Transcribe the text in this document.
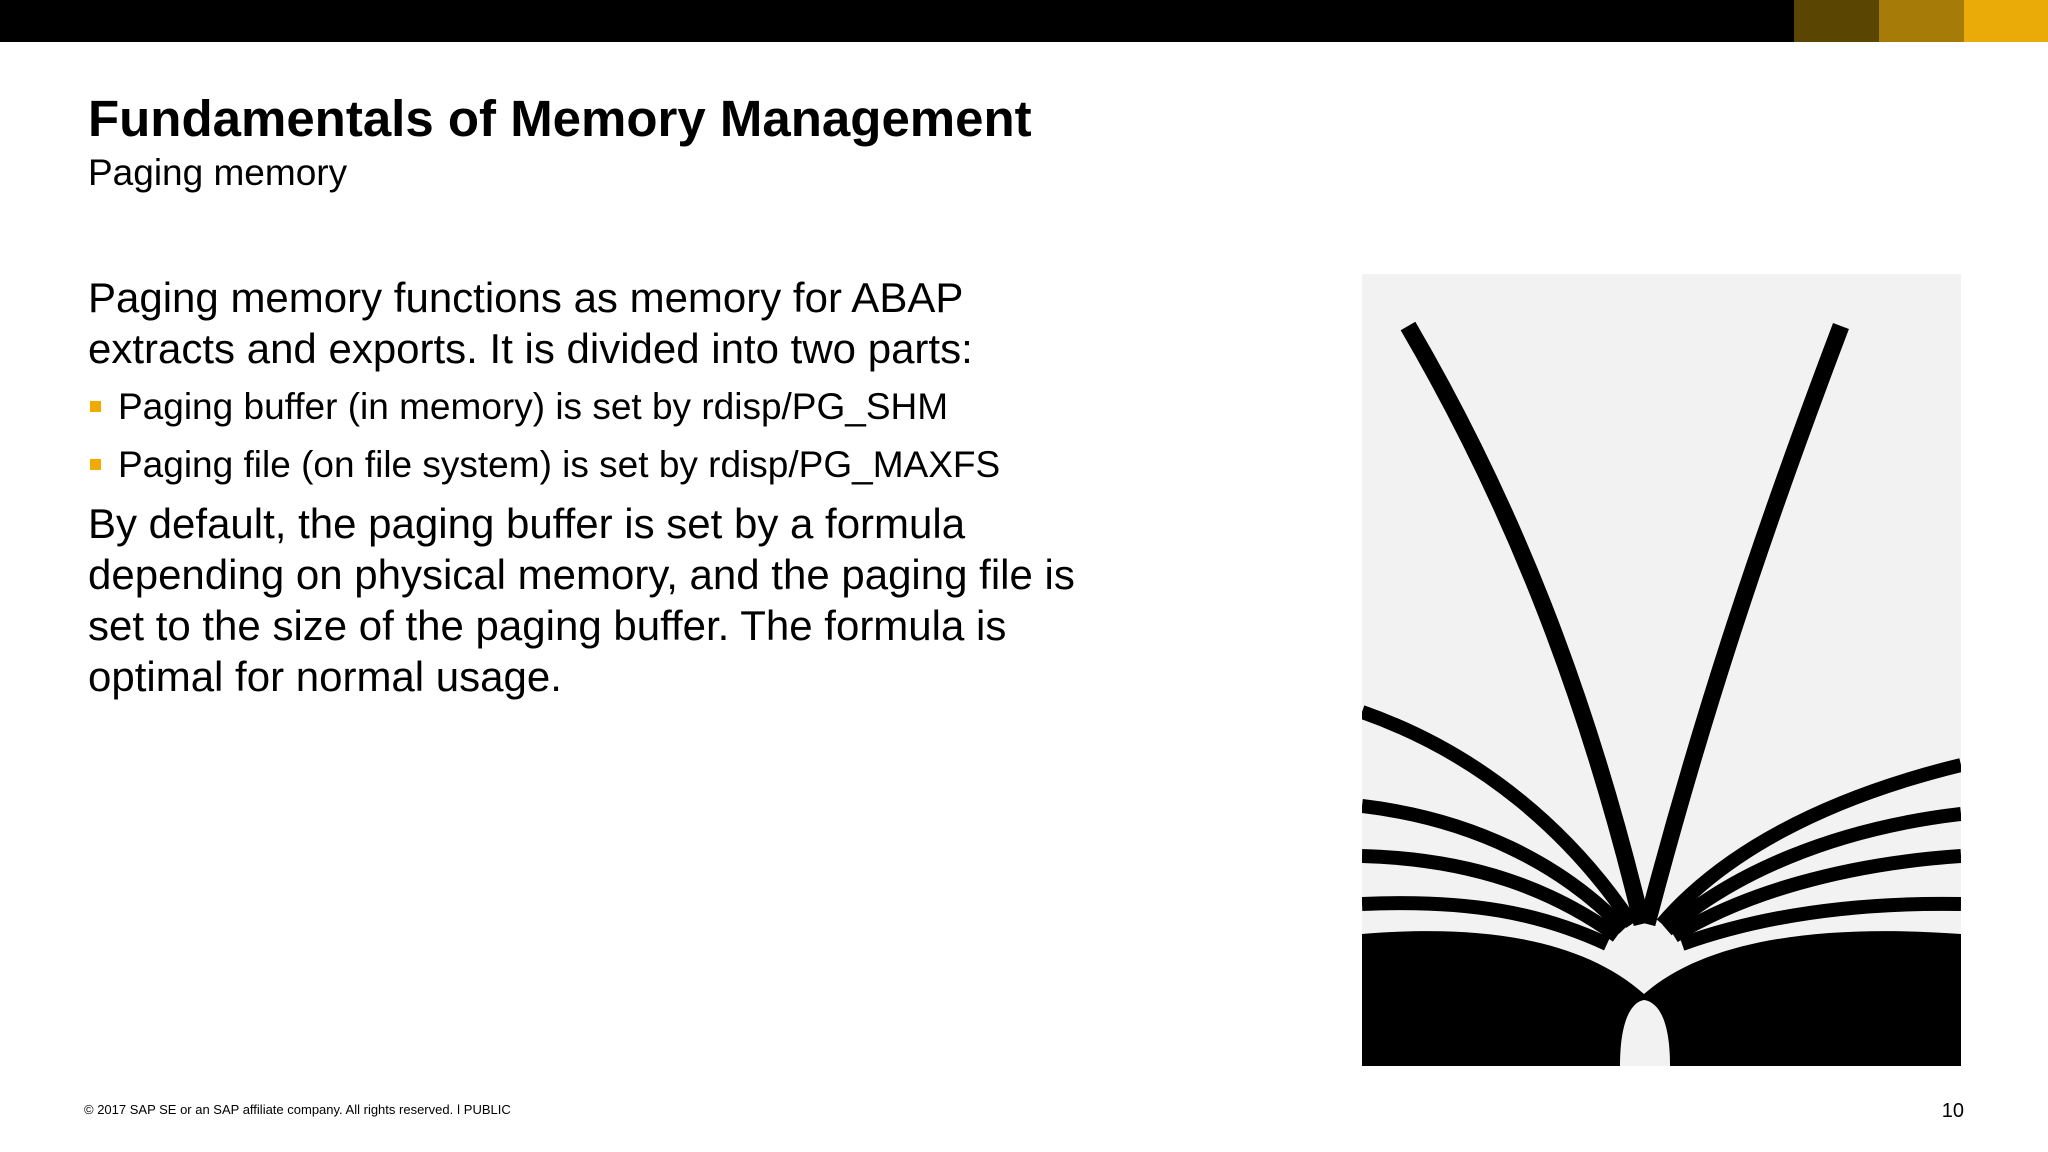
Fundamentals of Memory Management
Paging memory

Paging memory functions as memory for ABAP extracts and exports. It is divided into two parts:

Paging buffer (in memory) is set by rdisp/PG_SHM
Paging file (on file system) is set by rdisp/PG_MAXFS

By default, the paging buffer is set by a formula depending on physical memory, and the paging file is set to the size of the paging buffer. The formula is optimal for normal usage.

© 2017 SAP SE or an SAP affiliate company. All rights reserved. ǀ PUBLIC	10
